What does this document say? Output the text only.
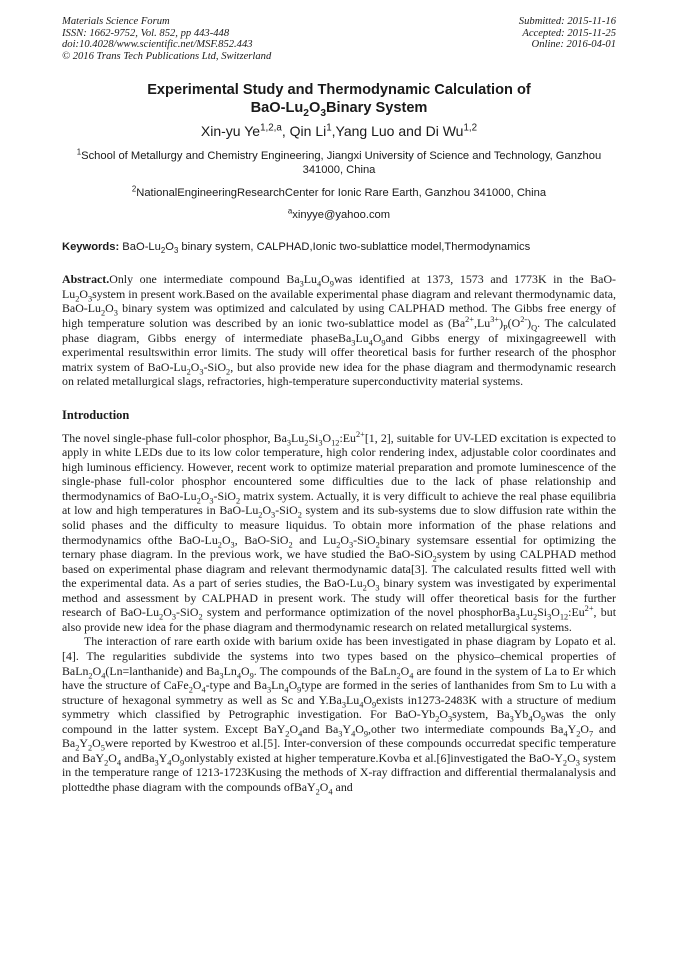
Materials Science Forum
ISSN: 1662-9752, Vol. 852, pp 443-448
doi:10.4028/www.scientific.net/MSF.852.443
© 2016 Trans Tech Publications Ltd, Switzerland
Submitted: 2015-11-16
Accepted: 2015-11-25
Online: 2016-04-01
Experimental Study and Thermodynamic Calculation of
BaO-$Lu_2O_3Binary$ System
Xin-yu Ye$^{1,2,a}$, Qin Li$^1$,Yang Luo and Di Wu$^{1,2}$
$^1$School of Metallurgy and Chemistry Engineering, Jiangxi University of Science and Technology, Ganzhou 341000, China
$^2$NationalEngineeringResearchCenter for Ionic Rare Earth, Ganzhou 341000, China
$^a$xinyye@yahoo.com
Keywords: BaO-$Lu_2O_3$ binary system, CALPHAD,Ionic two-sublattice model,Thermodynamics

Abstract.Only one intermediate compound $Ba_3Lu_4O_9was$ identified at 1373, 1573 and 1773K in the BaO-$Lu_2O_3system$ in present work.Based on the available experimental phase diagram and relevant thermodynamic data, BaO-$Lu_2O_3$ binary system was optimized and calculated by using CALPHAD method. The Gibbs free energy of high temperature solution was described by an ionic two-sublattice model as $(Ba^{2+},Lu^{3+})_P(O^{2-})_Q$. The calculated phase diagram, Gibbs energy of intermediate $phaseBa_3Lu_4O_9and$ Gibbs energy of mixingagreewell with experimental resultswithin error limits. The study will offer theoretical basis for further research of the phosphor matrix system of BaO-$Lu_2O_3-SiO_2$, but also provide new idea for the phase diagram and thermodynamic research on related metallurgical slags, refractories, high-temperature superconductivity material systems.

Introduction

The novel single-phase full-color phosphor, $Ba_3Lu_2Si_3O_{12}:Eu^{2+}[1$, 2], suitable for UV-LED excitation is expected to apply in white LEDs due to its low color temperature, high color rendering index, adjustable color coordinates and high luminous efficiency. However, recent work to optimize material preparation and promote luminescence of the single-phase full-color phosphor encountered some difficulties due to the lack of phase relationship and thermodynamics of BaO-$Lu_2O_3-SiO_2$ matrix system. Actually, it is very difficult to achieve the real phase equilibria at low and high temperatures in BaO-$Lu_2O_3-SiO_2$ system and its sub-systems due to slow diffusion rate within the solid phases and the difficulty to measure liquidus. To obtain more information of the phase relations and thermodynamics ofthe BaO-$Lu_2O_3$, BaO-SiO$_2$ and $Lu_2O_3-SiO_2binary$ systemsare essential for optimizing the ternary phase diagram. In the previous work, we have studied the BaO-SiO$_2$system by using CALPHAD method based on experimental phase diagram and relevant thermodynamic data[3]. The calculated results fitted well with the experimental data. As a part of series studies, the BaO-$Lu_2O_3$ binary system was investigated by experimental method and assessment by CALPHAD in present work. The study will offer theoretical basis for the further research of BaO-$Lu_2O_3-SiO_2$ system and performance optimization of the novel $phosphorBa_3Lu_2Si_3O_{12}:Eu^{2+}$, but also provide new idea for the phase diagram and thermodynamic research on related metallurgical systems.

The interaction of rare earth oxide with barium oxide has been investigated in phase diagram by Lopato et al.[4]. The regularities subdivide the systems into two types based on the physico–chemical properties of $BaLn_2O_4(Ln=lanthanide)$ and $Ba_3Ln_4O_9$. The compounds of the $BaLn_2O_4$ are found in the system of La to Er which have the structure of $CaFe_2O_4$-type and $Ba_3Ln_4O_9type$ are formed in the series of lanthanides from Sm to Lu with a structure of hexagonal symmetry as well as Sc and $Y.Ba_3Lu_4O_9exists$ in1273-2483K with a structure of medium symmetry which classified by Petrographic investigation. For BaO-$Yb_2O_3system$, $Ba_3Yb_4O_9was$ the only compound in the latter system. Except $BaY_2O_4and$ $Ba_3Y_4O_9,other$ two intermediate compounds $Ba_4Y_2O_7$ and $Ba_2Y_2O_5were$ reported by Kwestroo et al.[5]. Inter-conversion of these compounds occurredat specific temperature and $BaY_2O_4$ $andBa_3Y_4O_9onlystably$ existed at higher temperature.Kovba et al.[6]investigated the BaO-$Y_2O_3$ system in the temperature range of 1213-1723Kusing the methods of X-ray diffraction and differential thermalanalysis and plottedthe phase diagram with the compounds $ofBaY_2O_4$ and
